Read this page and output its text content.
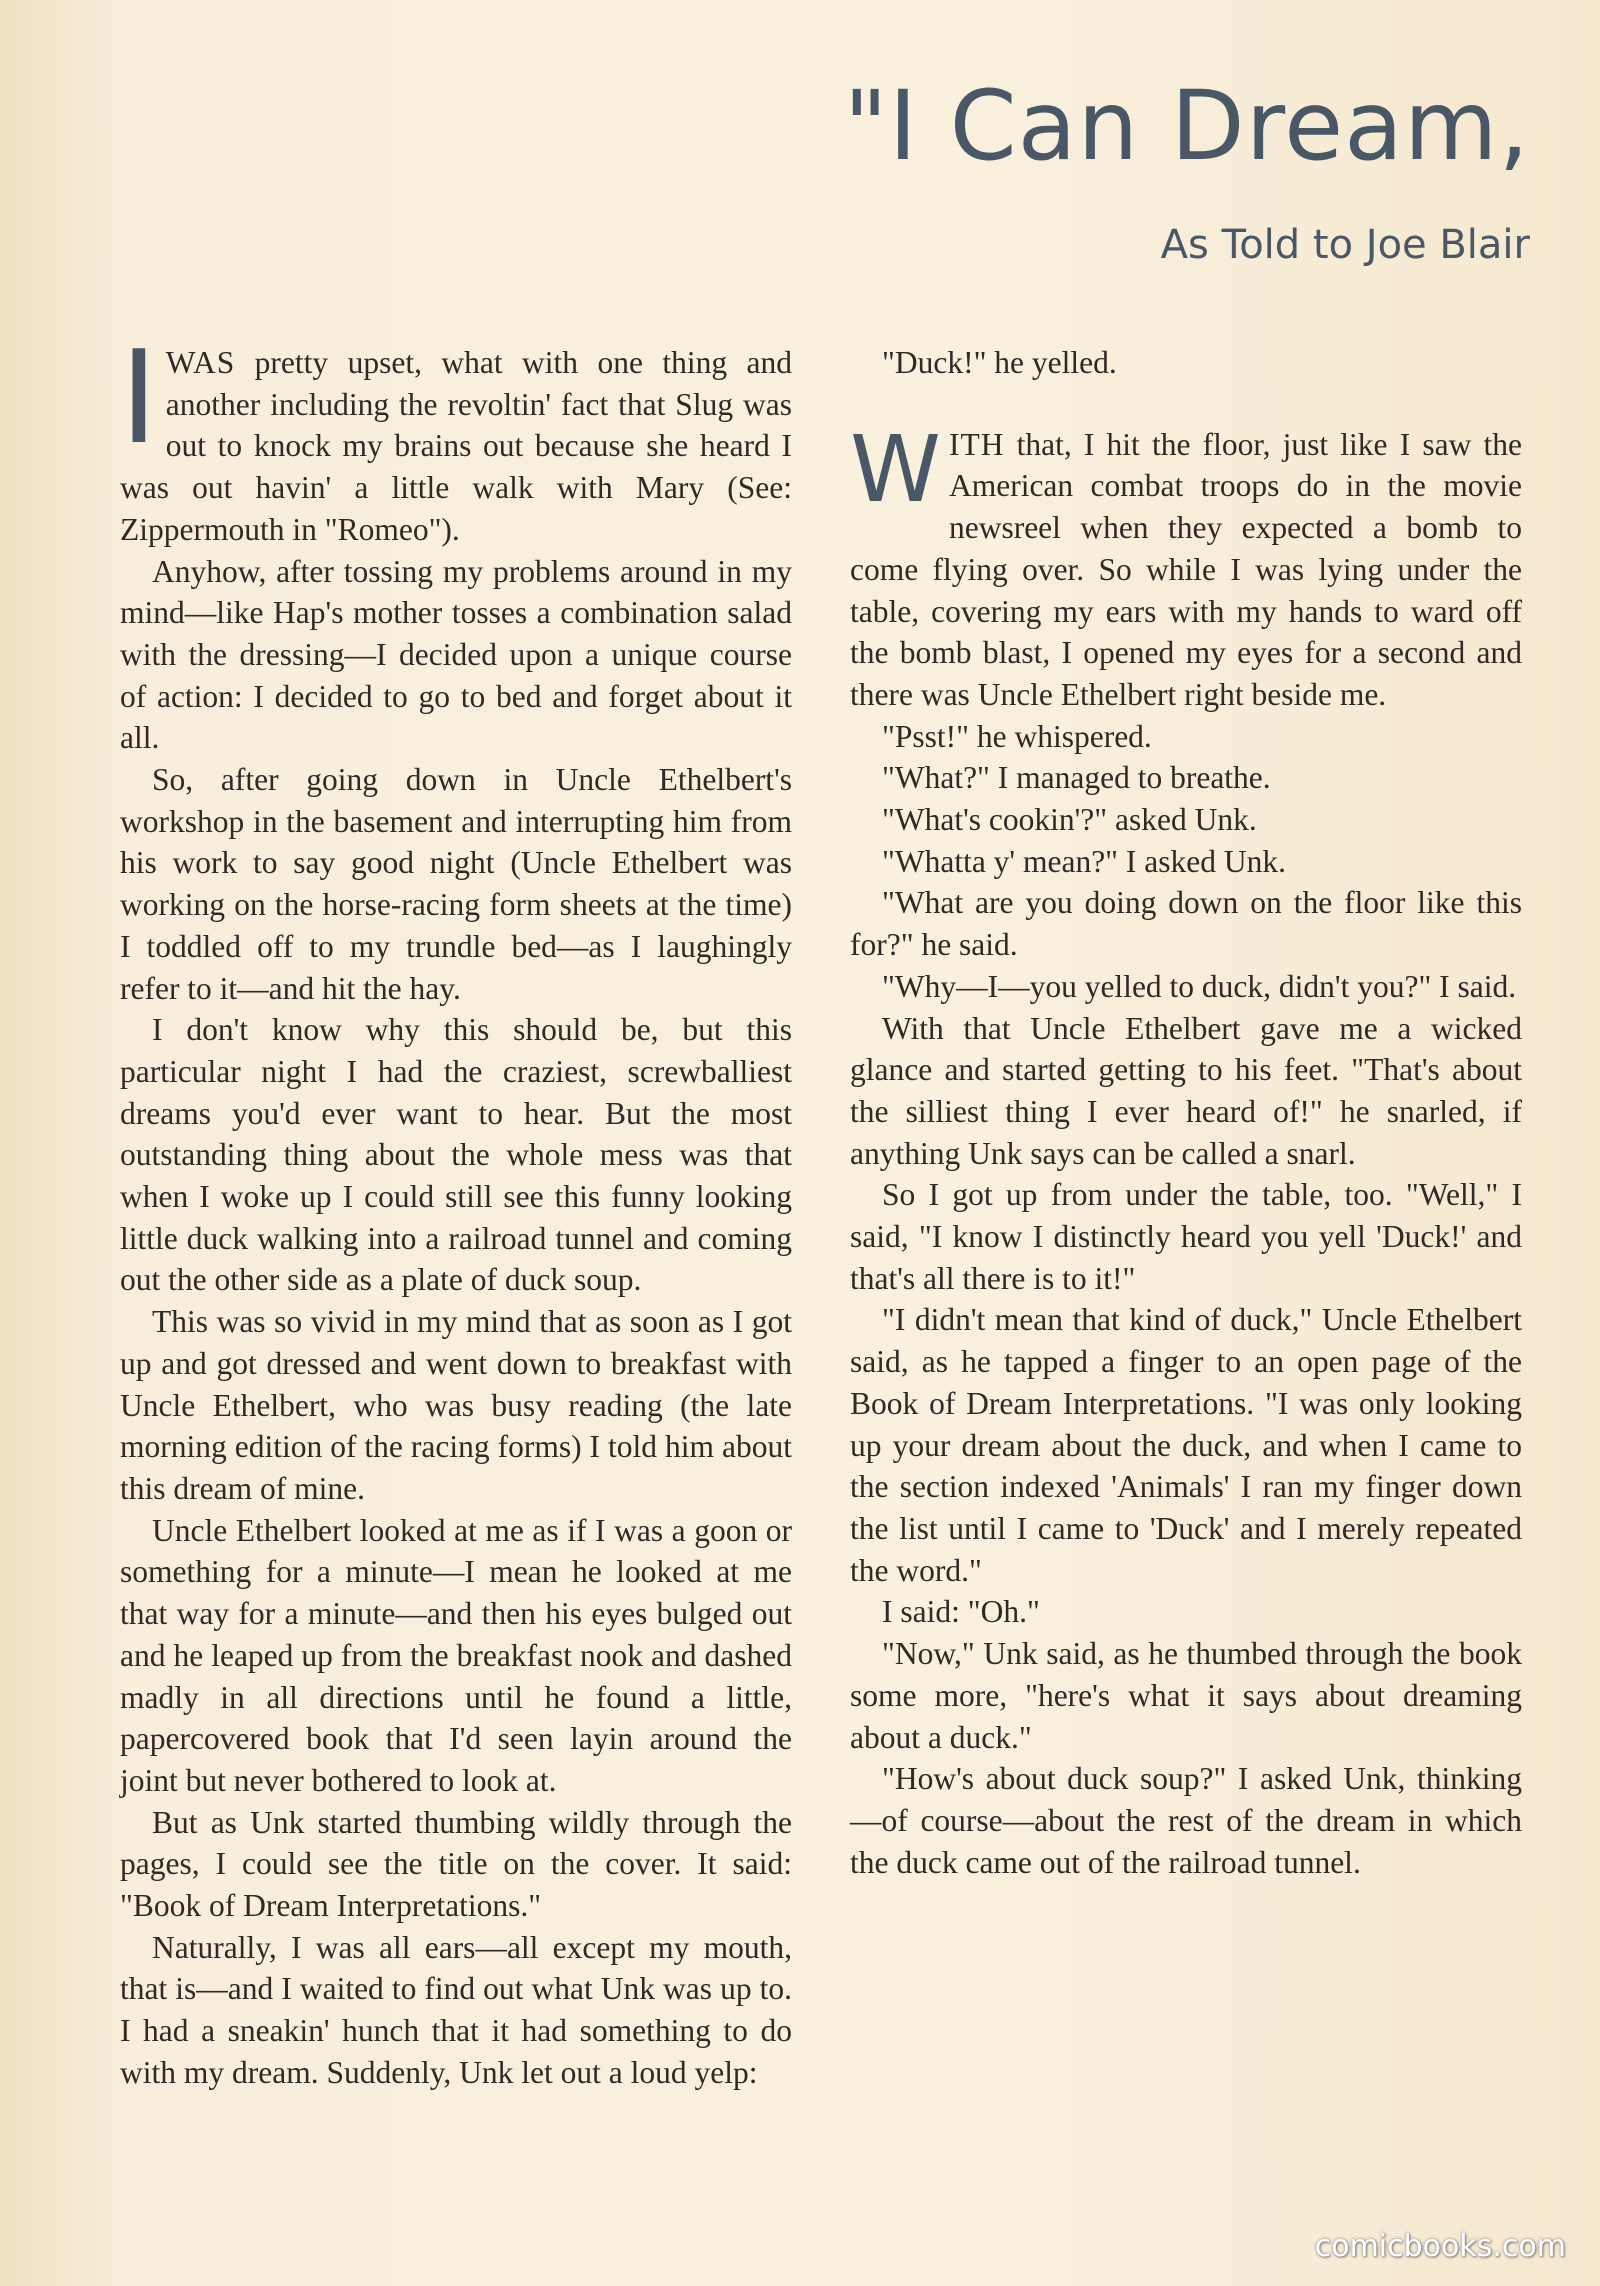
"I Can Dream,
As Told to Joe Blair

IWAS pretty upset, what with one thing and another including the revoltin' fact that Slug was out to knock my brains out because she heard I was out havin' a little walk with Mary (See: Zippermouth in "Romeo").

Anyhow, after tossing my problems around in my mind—like Hap's mother tosses a combination salad with the dressing—I decided upon a unique course of action: I decided to go to bed and forget about it all.

So, after going down in Uncle Ethelbert's workshop in the basement and interrupting him from his work to say good night (Uncle Ethelbert was working on the horse-racing form sheets at the time) I toddled off to my trundle bed—as I laughingly refer to it—and hit the hay.

I don't know why this should be, but this particular night I had the craziest, screwballiest dreams you'd ever want to hear. But the most outstanding thing about the whole mess was that when I woke up I could still see this funny looking little duck walking into a railroad tunnel and coming out the other side as a plate of duck soup.

This was so vivid in my mind that as soon as I got up and got dressed and went down to breakfast with Uncle Ethelbert, who was busy reading (the late morning edition of the racing forms) I told him about this dream of mine.

Uncle Ethelbert looked at me as if I was a goon or something for a minute—I mean he looked at me that way for a minute—and then his eyes bulged out and he leaped up from the breakfast nook and dashed madly in all directions until he found a little, papercovered book that I'd seen layin around the joint but never bothered to look at.

But as Unk started thumbing wildly through the pages, I could see the title on the cover. It said: "Book of Dream Interpretations."

Naturally, I was all ears—all except my mouth, that is—and I waited to find out what Unk was up to. I had a sneakin' hunch that it had something to do with my dream. Suddenly, Unk let out a loud yelp:

"Duck!" he yelled.

WITH that, I hit the floor, just like I saw the American combat troops do in the movie newsreel when they expected a bomb to come flying over. So while I was lying under the table, covering my ears with my hands to ward off the bomb blast, I opened my eyes for a second and there was Uncle Ethelbert right beside me.

"Psst!" he whispered.

"What?" I managed to breathe.

"What's cookin'?" asked Unk.

"Whatta y' mean?" I asked Unk.

"What are you doing down on the floor like this for?" he said.

"Why—I—you yelled to duck, didn't you?" I said.

With that Uncle Ethelbert gave me a wicked glance and started getting to his feet. "That's about the silliest thing I ever heard of!" he snarled, if anything Unk says can be called a snarl.

So I got up from under the table, too. "Well," I said, "I know I distinctly heard you yell 'Duck!' and that's all there is to it!"

"I didn't mean that kind of duck," Uncle Ethelbert said, as he tapped a finger to an open page of the Book of Dream Interpretations. "I was only looking up your dream about the duck, and when I came to the section indexed 'Animals' I ran my finger down the list until I came to 'Duck' and I merely repeated the word."

I said: "Oh."

"Now," Unk said, as he thumbed through the book some more, "here's what it says about dreaming about a duck."

"How's about duck soup?" I asked Unk, thinking—of course—about the rest of the dream in which the duck came out of the railroad tunnel.

comicbooks.com
